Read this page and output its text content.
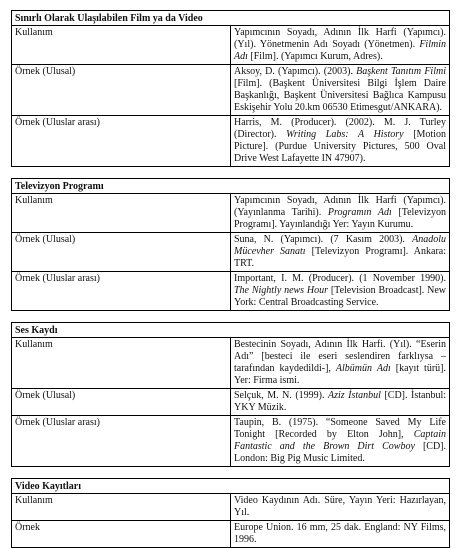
Sınırlı Olarak Ulaşılabilen Film ya da Video	
Kullanım	Yapımcının Soyadı, Adının İlk Harfi (Yapımcı). (Yıl). Yönetmenin Adı Soyadı (Yönetmen). Filmin Adı [Film]. (Yapımcı Kurum, Adres).
Örnek (Ulusal)	Aksoy, D. (Yapımcı). (2003). Başkent Tanıtım Filmi [Film]. (Başkent Üniversitesi Bilgi İşlem Daire Başkanlığı, Başkent Üniversitesi Bağlıca Kampusu Eskişehir Yolu 20.km 06530 Etimesgut/ANKARA).
Örnek (Uluslar arası)	Harris, M. (Producer). (2002). M. J. Turley (Director). Writing Labs: A History [Motion Picture]. (Purdue University Pictures, 500 Oval Drive West Lafayette IN 47907).
Televizyon Programı	
Kullanım	Yapımcının Soyadı, Adının İlk Harfi (Yapımcı). (Yayınlanma Tarihi). Programın Adı [Televizyon Programı]. Yayınlandığı Yer: Yayın Kurumu.
Örnek (Ulusal)	Suna, N. (Yapımcı). (7 Kasım 2003). Anadolu Mücevher Sanatı [Televizyon Programı]. Ankara: TRT.
Örnek (Uluslar arası)	Important, I. M. (Producer). (1 November 1990). The Nightly news Hour [Television Broadcast]. New York: Central Broadcasting Service.
Ses Kaydı	
Kullanım	Bestecinin Soyadı, Adının İlk Harfi. (Yıl). “Eserin Adı” [besteci ile eseri seslendiren farklıysa –tarafından kaydedildi-], Albümün Adı [kayıt türü]. Yer: Firma ismi.
Örnek (Ulusal)	Selçuk, M. N. (1999). Aziz İstanbul [CD]. İstanbul: YKY Müzik.
Örnek (Uluslar arası)	Taupin, B. (1975). “Someone Saved My Life Tonight [Recorded by Elton John], Captain Fantastic and the Brown Dirt Cowboy [CD]. London: Big Pig Music Limited.
Video Kayıtları	
Kullanım	Video Kaydının Adı. Süre, Yayın Yeri: Hazırlayan, Yıl.
Örnek	Europe Union. 16 mm, 25 dak. England: NY Films, 1996.
